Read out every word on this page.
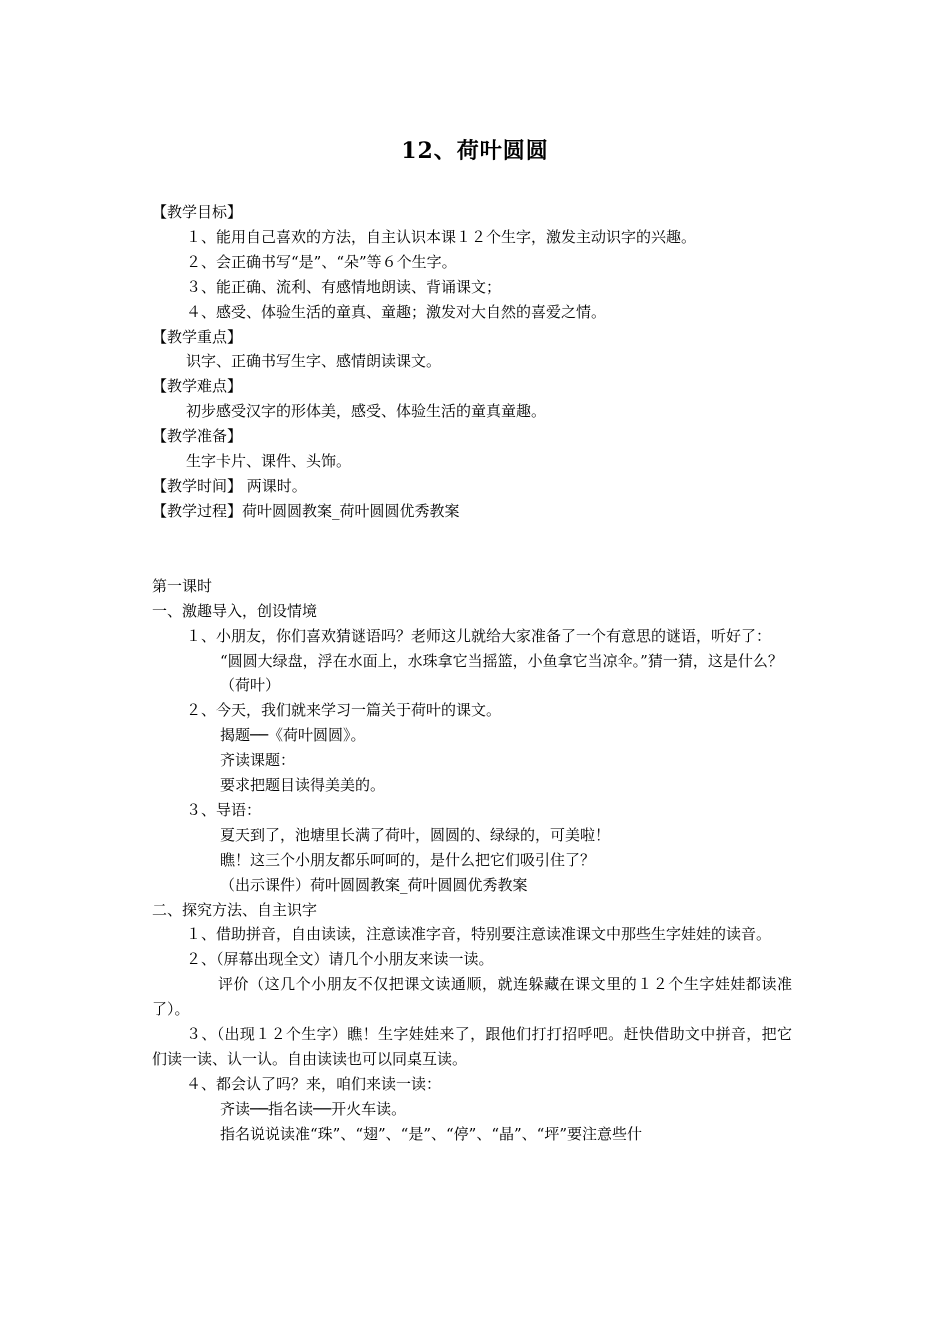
12、荷叶圆圆
【教学目标】
１、能用自己喜欢的方法，自主认识本课１２个生字，激发主动识字的兴趣。
２、会正确书写“是”、“朵”等６个生字。
３、能正确、流利、有感情地朗读、背诵课文；
４、感受、体验生活的童真、童趣；激发对大自然的喜爱之情。
【教学重点】
识字、正确书写生字、感情朗读课文。
【教学难点】
初步感受汉字的形体美，感受、体验生活的童真童趣。
【教学准备】
生字卡片、课件、头饰。
【教学时间】 两课时。
【教学过程】荷叶圆圆教案_荷叶圆圆优秀教案
第一课时
一、激趣导入，创设情境
１、小朋友，你们喜欢猜谜语吗？老师这儿就给大家准备了一个有意思的谜语，听好了：
“圆圆大绿盘，浮在水面上，水珠拿它当摇篮，小鱼拿它当凉伞。”猜一猜，这是什么？
（荷叶）
２、今天，我们就来学习一篇关于荷叶的课文。
揭题──《荷叶圆圆》。
齐读课题：
要求把题目读得美美的。
３、导语：
夏天到了，池塘里长满了荷叶，圆圆的、绿绿的，可美啦！
瞧！这三个小朋友都乐呵呵的，是什么把它们吸引住了？
（出示课件）荷叶圆圆教案_荷叶圆圆优秀教案
二、探究方法、自主识字
１、借助拼音，自由读读，注意读准字音，特别要注意读准课文中那些生字娃娃的读音。
２、（屏幕出现全文）请几个小朋友来读一读。
评价（这几个小朋友不仅把课文读通顺，就连躲藏在课文里的１２个生字娃娃都读准了）。
３、（出现１２个生字）瞧！生字娃娃来了，跟他们打打招呼吧。赶快借助文中拼音，把它们读一读、认一认。自由读读也可以同桌互读。
４、都会认了吗？来，咱们来读一读：
齐读──指名读──开火车读。
指名说说读准“珠”、“翅”、“是”、“停”、“晶”、“坪”要注意些什
